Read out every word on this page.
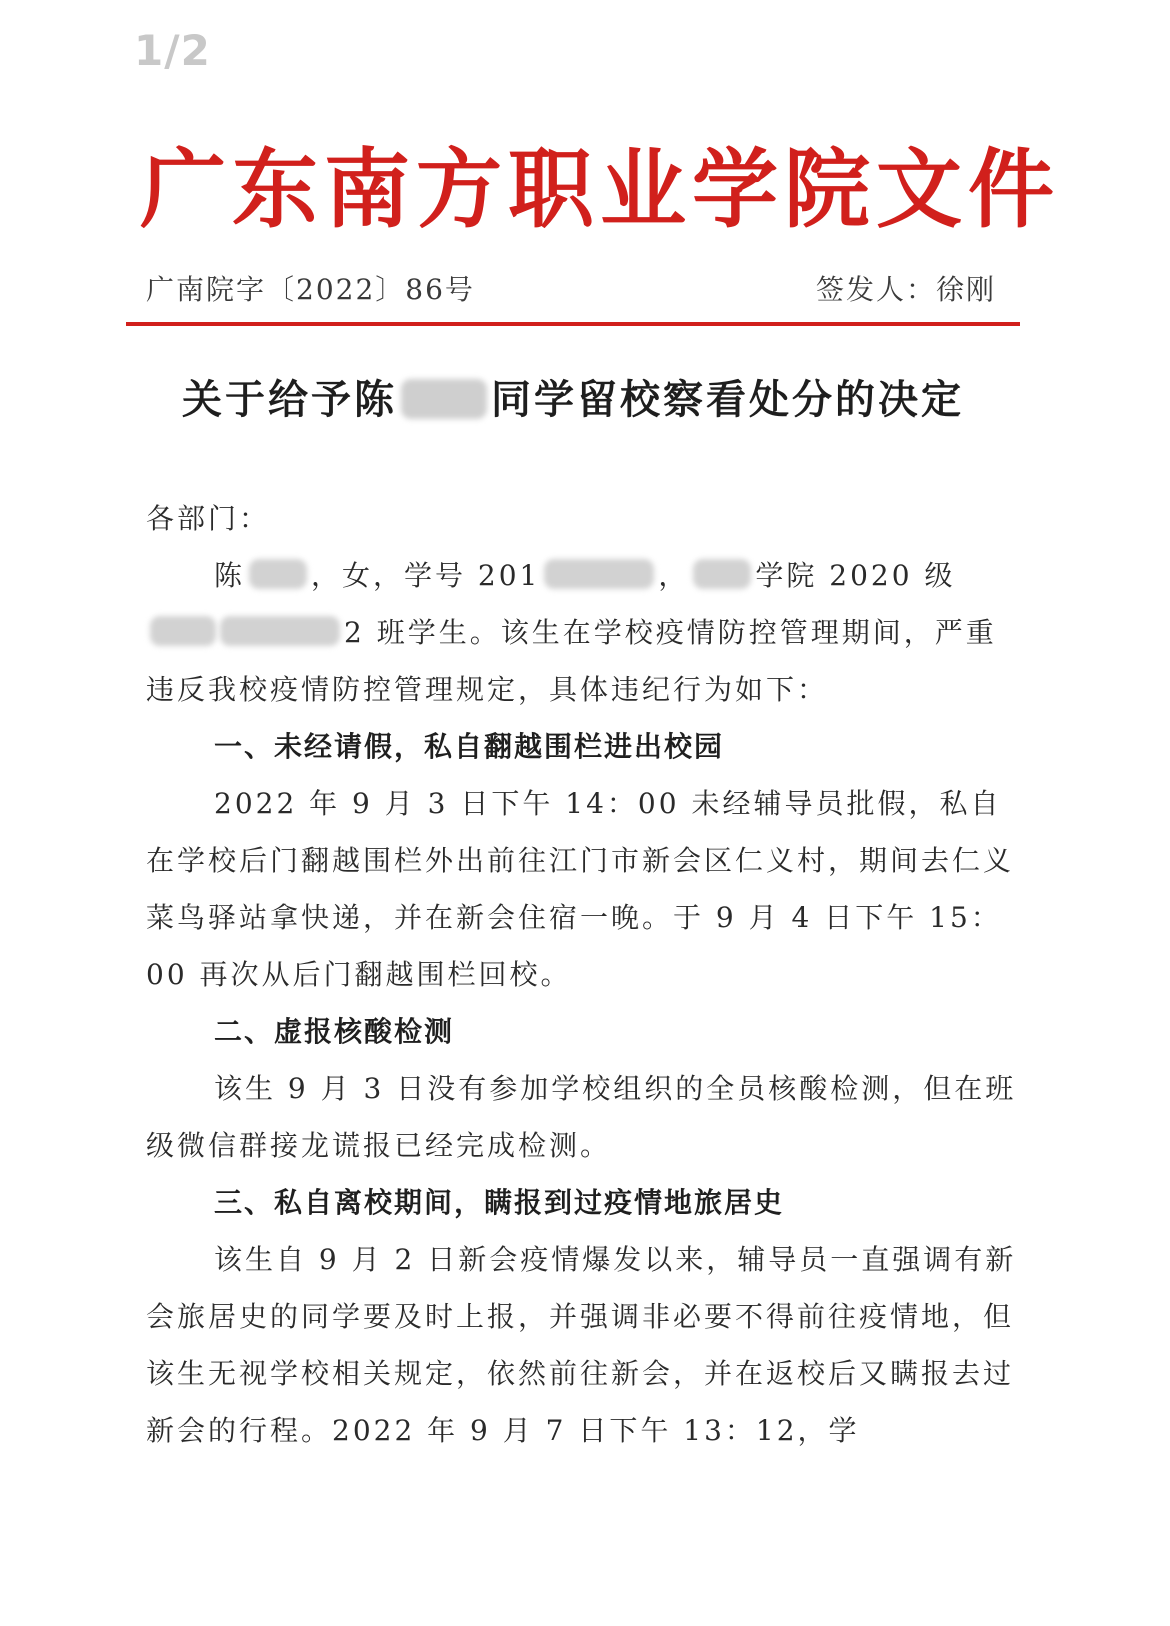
1/2
广东南方职业学院文件
广南院字〔2022〕86号	签发人：徐刚
关于给予陈 同学留校察看处分的决定

各部门：

陈 ，女，学号 201	， 学院 2020 级2 班学生。该生在学校疫情防控管理期间，严重违反我校疫情防控管理规定，具体违纪行为如下：

一、未经请假，私自翻越围栏进出校园

2022 年 9 月 3 日下午 14：00 未经辅导员批假，私自在学校后门翻越围栏外出前往江门市新会区仁义村，期间去仁义菜鸟驿站拿快递，并在新会住宿一晚。于 9 月 4 日下午 15：00 再次从后门翻越围栏回校。

二、虚报核酸检测

该生 9 月 3 日没有参加学校组织的全员核酸检测，但在班级微信群接龙谎报已经完成检测。

三、私自离校期间，瞒报到过疫情地旅居史

该生自 9 月 2 日新会疫情爆发以来，辅导员一直强调有新会旅居史的同学要及时上报，并强调非必要不得前往疫情地，但该生无视学校相关规定，依然前往新会，并在返校后又瞒报去过新会的行程。2022 年 9 月 7 日下午 13：12，学
